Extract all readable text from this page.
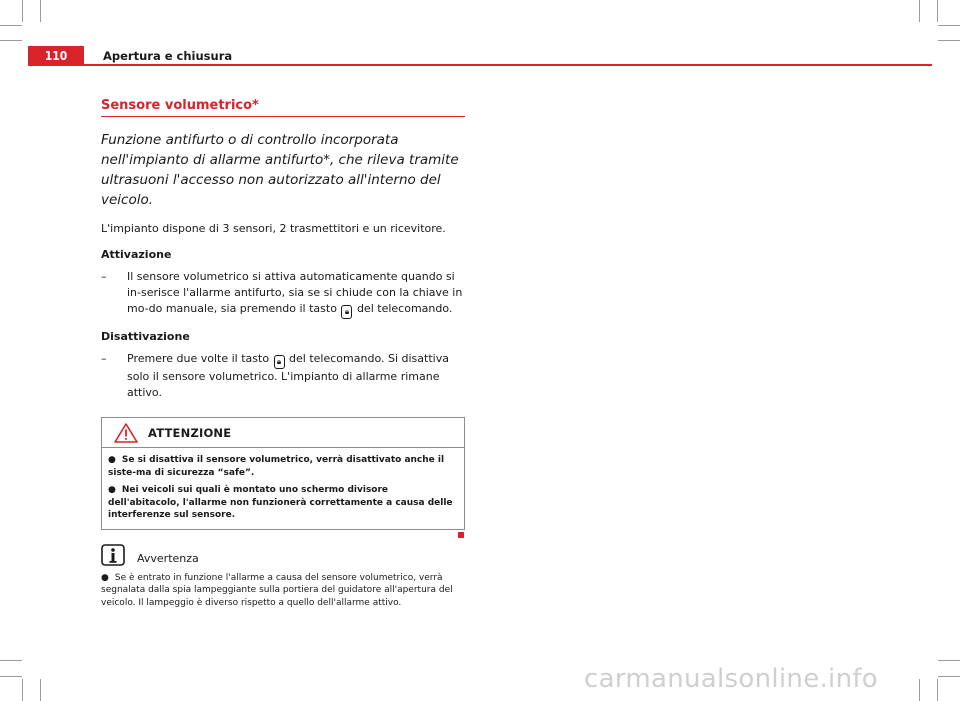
110	Apertura e chiusura
Sensore volumetrico*
Funzione antifurto o di controllo incorporata nell'impianto di allarme antifurto*, che rileva tramite ultrasuoni l'accesso non autorizzato all'interno del veicolo.
L'impianto dispone di 3 sensori, 2 trasmettitori e un ricevitore.
Attivazione
– Il sensore volumetrico si attiva automaticamente quando si in-serisce l'allarme antifurto, sia se si chiude con la chiave in mo-do manuale, sia premendo il tasto 🔒︎ del telecomando.
Disattivazione
– Premere due volte il tasto 🔒︎ del telecomando. Si disattiva solo il sensore volumetrico. L'impianto di allarme rimane attivo.
ATTENZIONE
● Se si disattiva il sensore volumetrico, verrà disattivato anche il siste-ma di sicurezza “safe”.
● Nei veicoli sui quali è montato uno schermo divisore dell'abitacolo, l'allarme non funzionerà correttamente a causa delle interferenze sul sensore.
Avvertenza
● Se è entrato in funzione l'allarme a causa del sensore volumetrico, verrà segnalata dalla spia lampeggiante sulla portiera del guidatore all'apertura del veicolo. Il lampeggio è diverso rispetto a quello dell'allarme attivo.
carmanualsonline.info
